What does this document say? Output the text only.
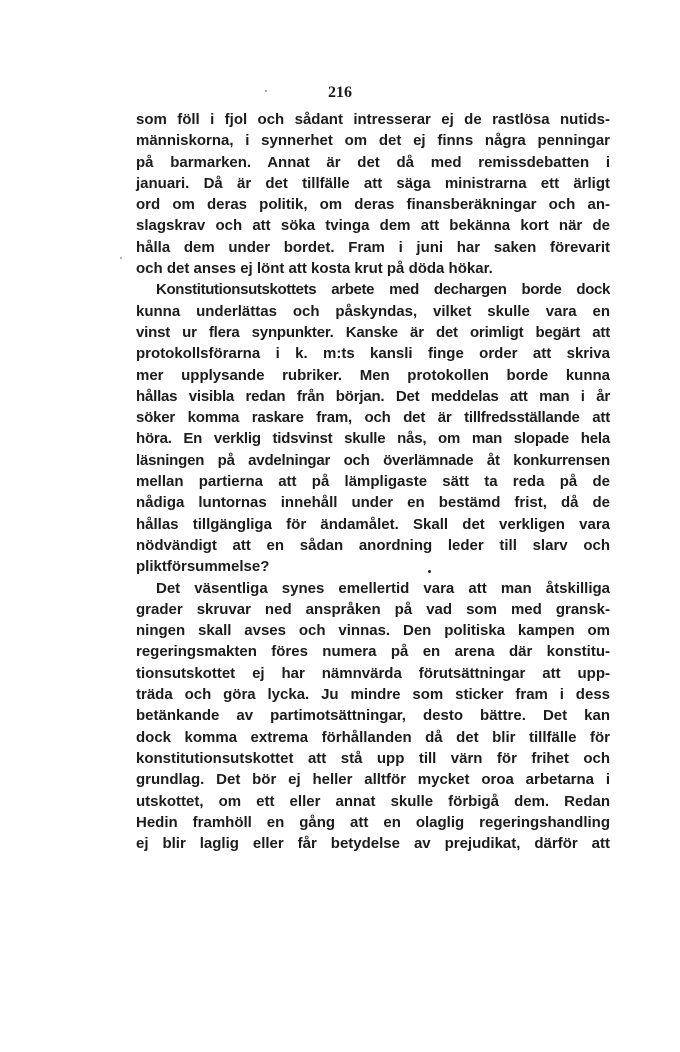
216
som föll i fjol och sådant intresserar ej de rastlösa nutids-
människorna, i synnerhet om det ej finns några penningar
på barmarken. Annat är det då med remissdebatten i
januari. Då är det tillfälle att säga ministrarna ett ärligt
ord om deras politik, om deras finansberäkningar och an-
slagskrav och att söka tvinga dem att bekänna kort när de
hålla dem under bordet. Fram i juni har saken förevarit
och det anses ej lönt att kosta krut på döda hökar.
Konstitutionsutskottets arbete med dechargen borde dock
kunna underlättas och påskyndas, vilket skulle vara en
vinst ur flera synpunkter. Kanske är det orimligt begärt att
protokollsförarna i k. m:ts kansli finge order att skriva
mer upplysande rubriker. Men protokollen borde kunna
hållas visibla redan från början. Det meddelas att man i år
söker komma raskare fram, och det är tillfredsställande att
höra. En verklig tidsvinst skulle nås, om man slopade hela
läsningen på avdelningar och överlämnade åt konkurrensen
mellan partierna att på lämpligaste sätt ta reda på de
nådiga luntornas innehåll under en bestämd frist, då de
hållas tillgängliga för ändamålet. Skall det verkligen vara
nödvändigt att en sådan anordning leder till slarv och
pliktförsummelse?
Det väsentliga synes emellertid vara att man åtskilliga
grader skruvar ned anspråken på vad som med gransk-
ningen skall avses och vinnas. Den politiska kampen om
regeringsmakten föres numera på en arena där konstitu-
tionsutskottet ej har nämnvärda förutsättningar att upp-
träda och göra lycka. Ju mindre som sticker fram i dess
betänkande av partimotsättningar, desto bättre. Det kan
dock komma extrema förhållanden då det blir tillfälle för
konstitutionsutskottet att stå upp till värn för frihet och
grundlag. Det bör ej heller alltför mycket oroa arbetarna i
utskottet, om ett eller annat skulle förbigå dem. Redan
Hedin framhöll en gång att en olaglig regeringshandling
ej blir laglig eller får betydelse av prejudikat, därför att
